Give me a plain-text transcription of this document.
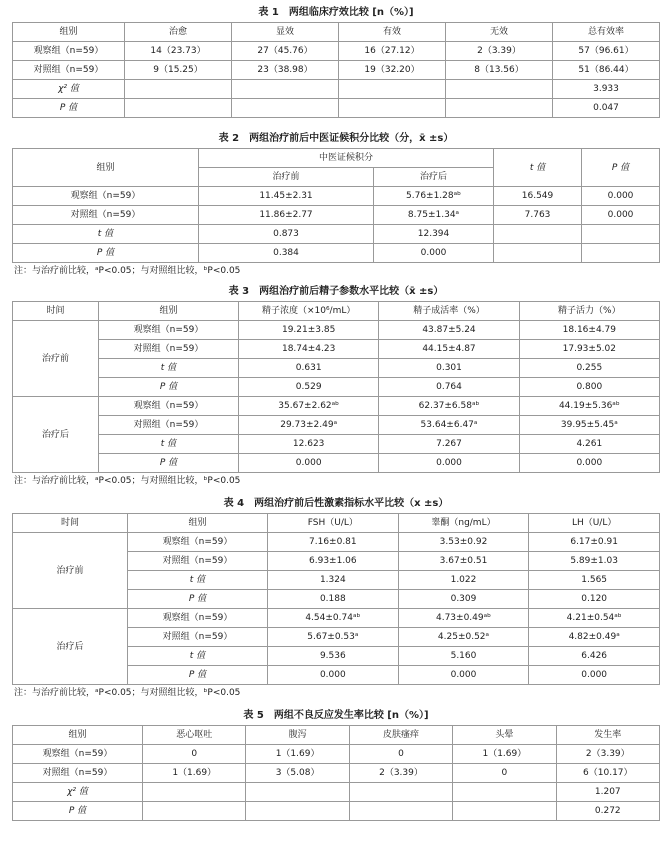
表 1　两组临床疗效比较 [n（%）]
组别	治愈	显效	有效	无效	总有效率
观察组（n=59）	14（23.73）	27（45.76）	16（27.12）	2（3.39）	57（96.61）
对照组（n=59）	9（15.25）	23（38.98）	19（32.20）	8（13.56）	51（86.44）
χ² 值					3.933
P 值					0.047
表 2　两组治疗前后中医证候积分比较（分，x̄ ±s）
组别	中医证候积分		t 值	P 值
	治疗前	治疗后		
观察组（n=59）	11.45±2.31	5.76±1.28ᵃᵇ	16.549	0.000
对照组（n=59）	11.86±2.77	8.75±1.34ᵃ	7.763	0.000
t 值	0.873	12.394		
P 值	0.384	0.000		
注：与治疗前比较，ᵃP<0.05；与对照组比较，ᵇP<0.05
表 3　两组治疗前后精子参数水平比较（x̄ ±s）
时间	组别	精子浓度（×10⁶/mL）	精子成活率（%）	精子活力（%）
治疗前	观察组（n=59）	19.21±3.85	43.87±5.24	18.16±4.79
	对照组（n=59）	18.74±4.23	44.15±4.87	17.93±5.02
	t 值	0.631	0.301	0.255
	P 值	0.529	0.764	0.800
治疗后	观察组（n=59）	35.67±2.62ᵃᵇ	62.37±6.58ᵃᵇ	44.19±5.36ᵃᵇ
	对照组（n=59）	29.73±2.49ᵃ	53.64±6.47ᵃ	39.95±5.45ᵃ
	t 值	12.623	7.267	4.261
	P 值	0.000	0.000	0.000
注：与治疗前比较，ᵃP<0.05；与对照组比较，ᵇP<0.05
表 4　两组治疗前后性激素指标水平比较（x ±s）
时间	组别	FSH（U/L）	睾酮（ng/mL）	LH（U/L）
治疗前	观察组（n=59）	7.16±0.81	3.53±0.92	6.17±0.91
	对照组（n=59）	6.93±1.06	3.67±0.51	5.89±1.03
	t 值	1.324	1.022	1.565
	P 值	0.188	0.309	0.120
治疗后	观察组（n=59）	4.54±0.74ᵃᵇ	4.73±0.49ᵃᵇ	4.21±0.54ᵃᵇ
	对照组（n=59）	5.67±0.53ᵃ	4.25±0.52ᵃ	4.82±0.49ᵃ
	t 值	9.536	5.160	6.426
	P 值	0.000	0.000	0.000
注：与治疗前比较，ᵃP<0.05；与对照组比较，ᵇP<0.05
表 5　两组不良反应发生率比较 [n（%）]
组别	恶心呕吐	腹泻	皮肤瘙痒	头晕	发生率
观察组（n=59）	0	1（1.69）	0	1（1.69）	2（3.39）
对照组（n=59）	1（1.69）	3（5.08）	2（3.39）	0	6（10.17）
χ² 值					1.207
P 值					0.272
